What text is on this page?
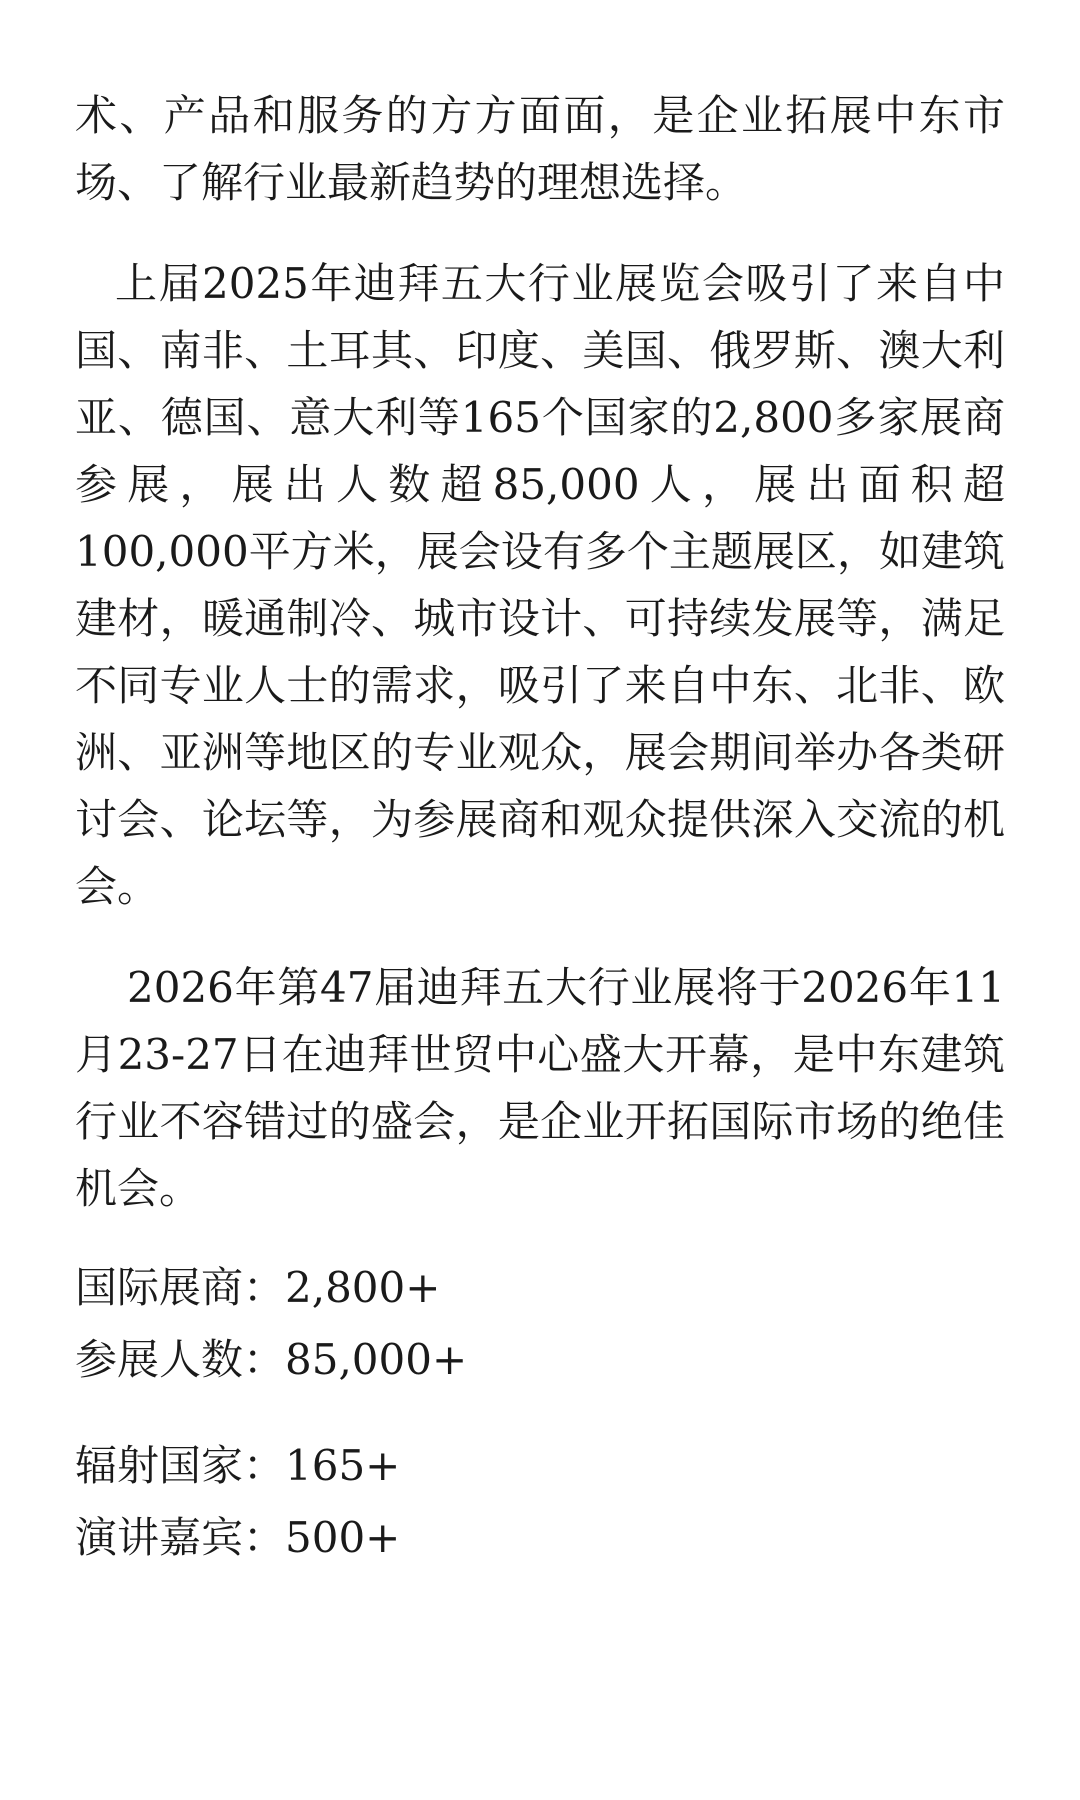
术、产品和服务的方方面面，是企业拓展中东市场、了解行业最新趋势的理想选择。

上届2025年迪拜五大行业展览会吸引了来自中国、南非、土耳其、印度、美国、俄罗斯、澳大利亚、德国、意大利等165个国家的2,800多家展商参展，展出人数超85,000人，展出面积超100,000平方米，展会设有多个主题展区，如建筑建材，暖通制冷、城市设计、可持续发展等，满足不同专业人士的需求，吸引了来自中东、北非、欧洲、亚洲等地区的专业观众，展会期间举办各类研讨会、论坛等，为参展商和观众提供深入交流的机会。

2026年第47届迪拜五大行业展将于2026年11月23-27日在迪拜世贸中心盛大开幕，是中东建筑行业不容错过的盛会，是企业开拓国际市场的绝佳机会。

国际展商：2,800+
参展人数：85,000+
辐射国家：165+
演讲嘉宾：500+
